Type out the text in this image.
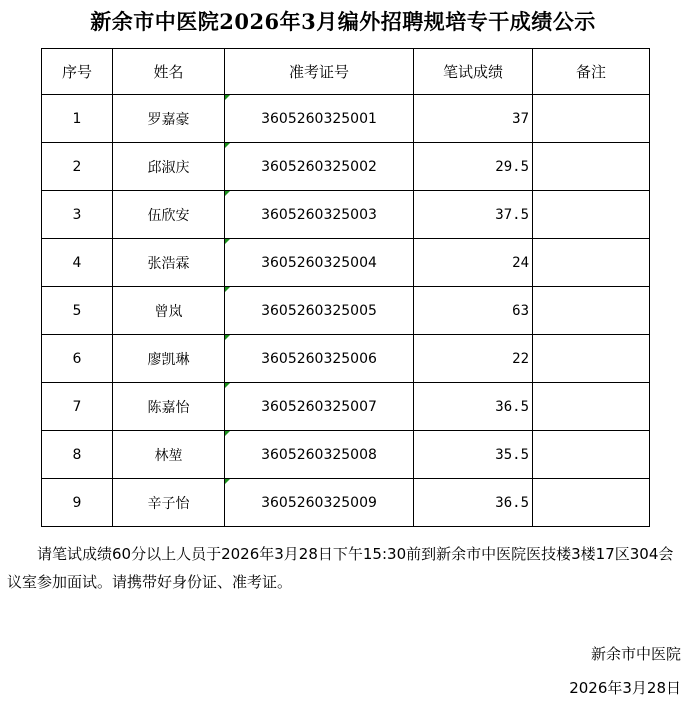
新余市中医院2026年3月编外招聘规培专干成绩公示
序号	姓名	准考证号	笔试成绩	备注
1	罗嘉豪	3605260325001	37	
2	邱淑庆	3605260325002	29.5	
3	伍欣安	3605260325003	37.5	
4	张浩霖	3605260325004	24	
5	曾岚	3605260325005	63	
6	廖凯琳	3605260325006	22	
7	陈嘉怡	3605260325007	36.5	
8	林堃	3605260325008	35.5	
9	辛子怡	3605260325009	36.5	
请笔试成绩60分以上人员于2026年3月28日下午15:30前到新余市中医院医技楼3楼17区304会议室参加面试。请携带好身份证、准考证。
新余市中医院
2026年3月28日
